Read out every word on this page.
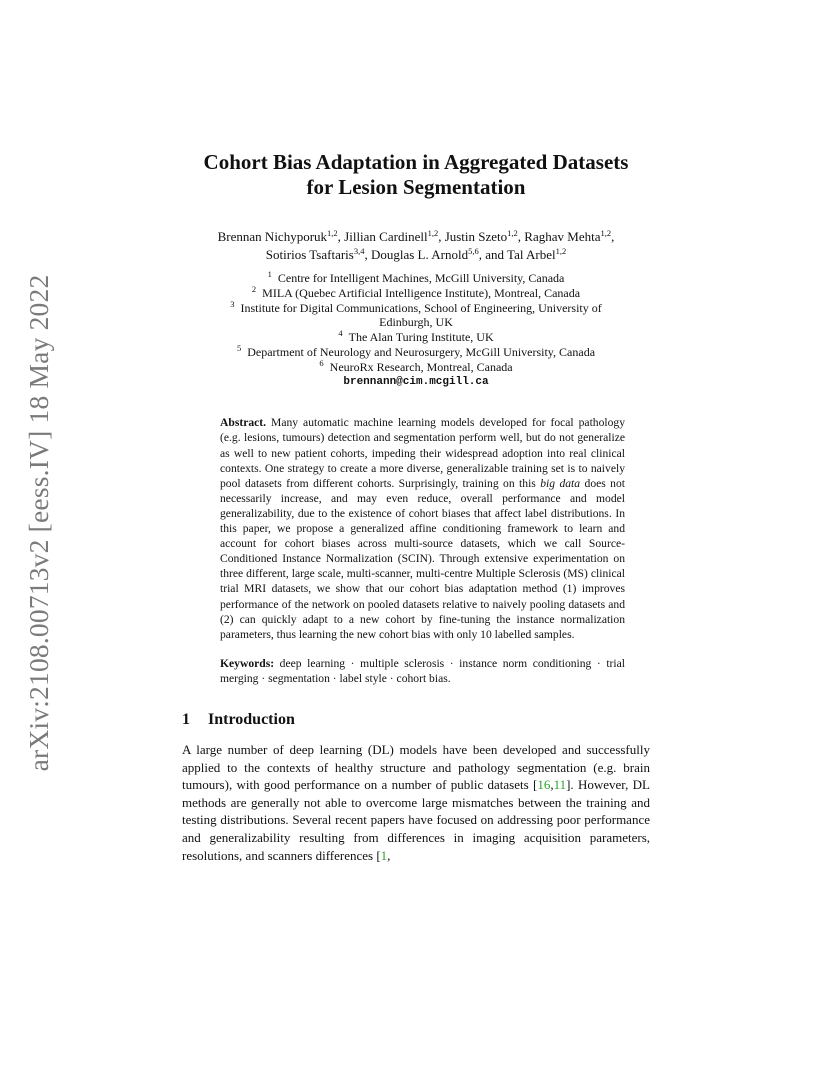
arXiv:2108.00713v2 [eess.IV] 18 May 2022
Cohort Bias Adaptation in Aggregated Datasets
for Lesion Segmentation
Brennan Nichyporuk$^{1,2}$, Jillian Cardinell$^{1,2}$, Justin Szeto$^{1,2}$, Raghav Mehta$^{1,2}$,
Sotirios Tsaftaris$^{3,4}$, Douglas L. Arnold$^{5,6}$, and Tal Arbel$^{1,2}$
$^1$ Centre for Intelligent Machines, McGill University, Canada
$^2$ MILA (Quebec Artificial Intelligence Institute), Montreal, Canada
$^3$ Institute for Digital Communications, School of Engineering, University of
Edinburgh, UK
$^4$ The Alan Turing Institute, UK
$^5$ Department of Neurology and Neurosurgery, McGill University, Canada
$^6$ NeuroRx Research, Montreal, Canada
brennann@cim.mcgill.ca
Abstract. Many automatic machine learning models developed for focal pathology (e.g. lesions, tumours) detection and segmentation perform well, but do not generalize as well to new patient cohorts, impeding their widespread adoption into real clinical contexts. One strategy to create a more diverse, generalizable training set is to naively pool datasets from different cohorts. Surprisingly, training on this big data does not necessarily increase, and may even reduce, overall performance and model generalizability, due to the existence of cohort biases that affect label distributions. In this paper, we propose a generalized affine conditioning framework to learn and account for cohort biases across multi-source datasets, which we call Source-Conditioned Instance Normalization (SCIN). Through extensive experimentation on three different, large scale, multi-scanner, multi-centre Multiple Sclerosis (MS) clinical trial MRI datasets, we show that our cohort bias adaptation method (1) improves performance of the network on pooled datasets relative to naively pooling datasets and (2) can quickly adapt to a new cohort by fine-tuning the instance normalization parameters, thus learning the new cohort bias with only 10 labelled samples.
Keywords: deep learning · multiple sclerosis · instance norm conditioning · trial merging · segmentation · label style · cohort bias.
1 Introduction
A large number of deep learning (DL) models have been developed and successfully applied to the contexts of healthy structure and pathology segmentation (e.g. brain tumours), with good performance on a number of public datasets [16,11]. However, DL methods are generally not able to overcome large mismatches between the training and testing distributions. Several recent papers have focused on addressing poor performance and generalizability resulting from differences in imaging acquisition parameters, resolutions, and scanners differences [1,
